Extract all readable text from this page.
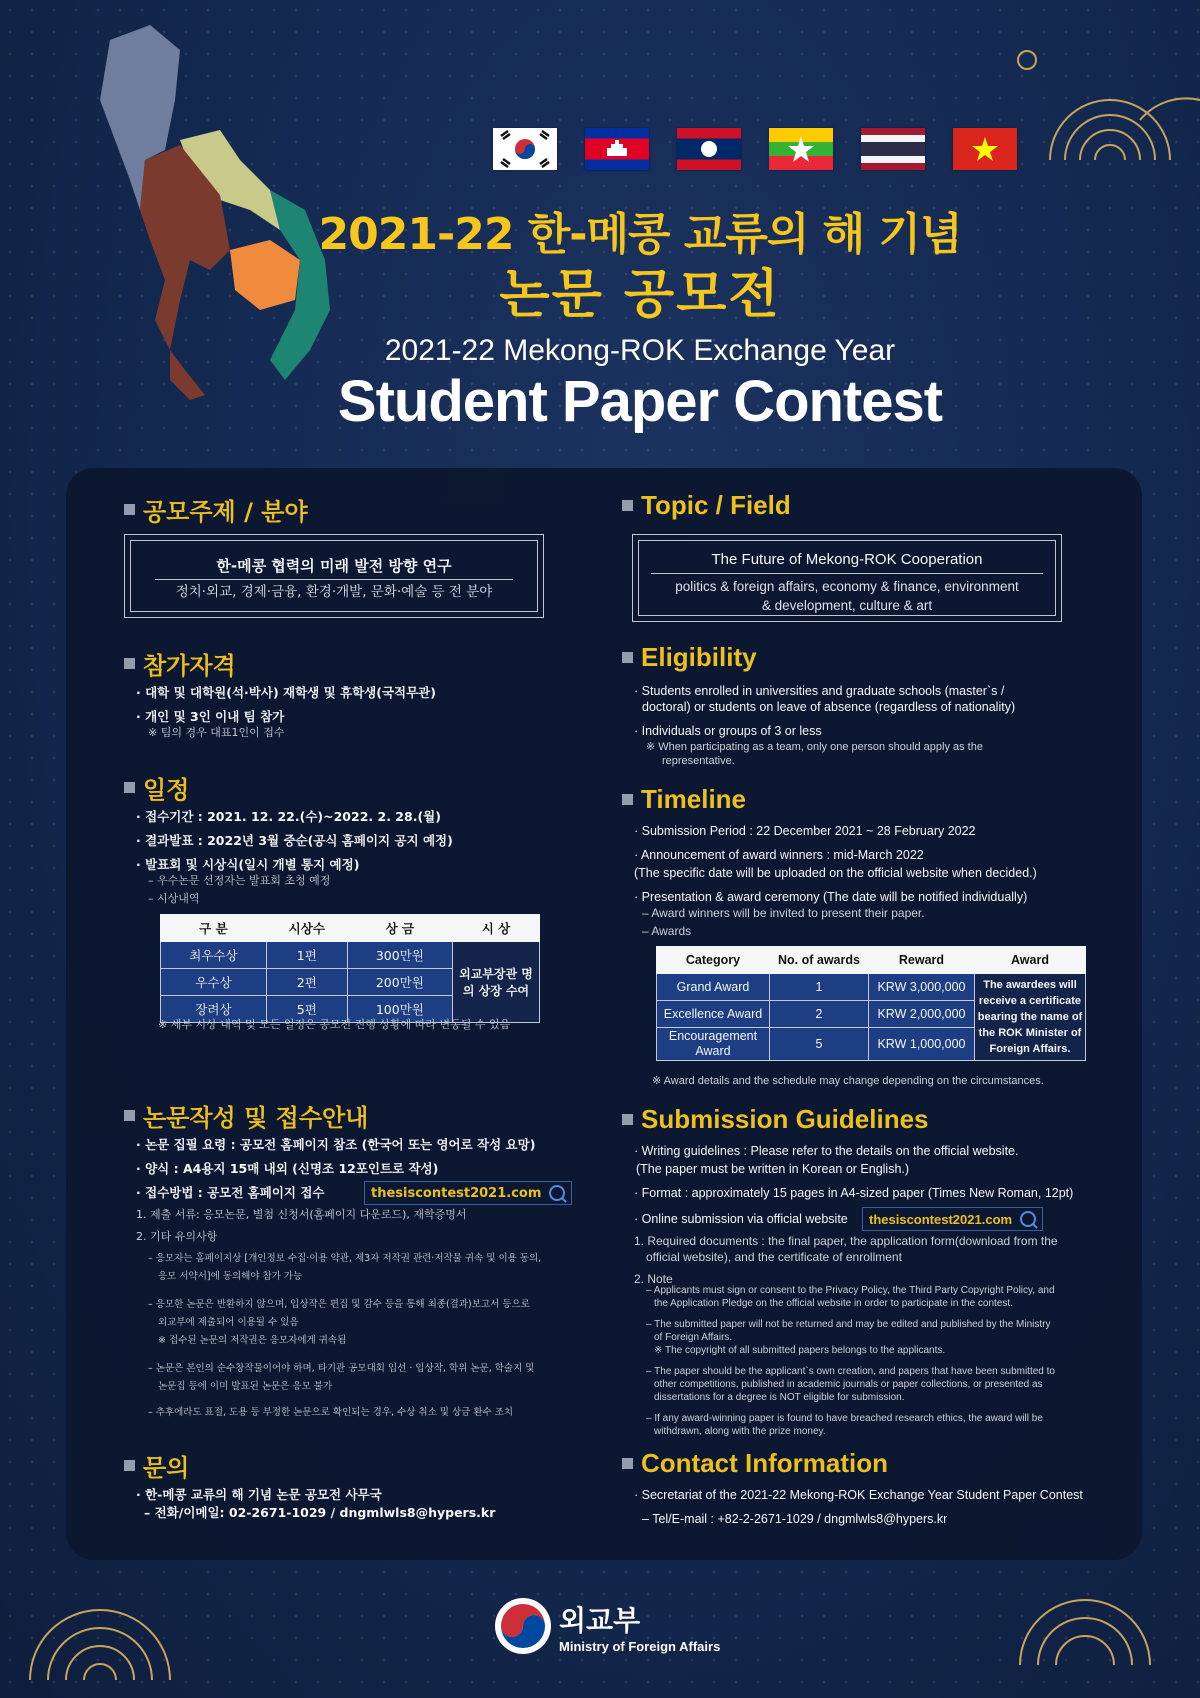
2021-22 한-메콩 교류의 해 기념
논문 공모전
2021-22 Mekong-ROK Exchange Year
Student Paper Contest
공모주제 / 분야
한-메콩 협력의 미래 발전 방향 연구
정치·외교, 경제·금융, 환경·개발, 문화·예술 등 전 분야
참가자격
· 대학 및 대학원(석·박사) 재학생 및 휴학생(국적무관)
· 개인 및 3인 이내 팀 참가
※ 팀의 경우 대표1인이 접수
일정
· 접수기간 : 2021. 12. 22.(수)~2022. 2. 28.(월)
· 결과발표 : 2022년 3월 중순(공식 홈페이지 공지 예정)
· 발표회 및 시상식(일시 개별 통지 예정)
– 우수논문 선정자는 발표회 초청 예정
– 시상내역
구 분	시상수	상 금	시 상
최우수상	1편	300만원	외교부장관 명의 상장 수여
우수상	2편	200만원	
장려상	5편	100만원	
※ 세부 시상 내역 및 모든 일정은 공모전 진행 상황에 따라 변동될 수 있음
논문작성 및 접수안내
· 논문 집필 요령 : 공모전 홈페이지 참조 (한국어 또는 영어로 작성 요망)
· 양식 : A4용지 15매 내외 (신명조 12포인트로 작성)
· 접수방법 : 공모전 홈페이지 접수	thesiscontest2021.com
1. 제출 서류: 응모논문, 별첨 신청서(홈페이지 다운로드), 재학증명서
2. 기타 유의사항
– 응모자는 홈페이지상 [개인정보 수집·이용 약관, 제3자 저작권 관련·저작물 귀속 및 이용 동의,
응모 서약서]에 동의해야 참가 가능
– 응모한 논문은 반환하지 않으며, 입상작은 편집 및 감수 등을 통해 최종(결과)보고서 등으로
외교부에 제출되어 이용될 수 있음
※ 접수된 논문의 저작권은 응모자에게 귀속됨
– 논문은 본인의 순수창작물이어야 하며, 타기관 공모대회 입선 · 입상작, 학위 논문, 학술지 및
논문집 등에 이미 발표된 논문은 응모 불가
– 추후에라도 표절, 도용 등 부정한 논문으로 확인되는 경우, 수상 취소 및 상금 환수 조치
문의
· 한-메콩 교류의 해 기념 논문 공모전 사무국
– 전화/이메일: 02-2671-1029 / dngmlwls8@hypers.kr
Topic / Field
The Future of Mekong-ROK Cooperation
politics & foreign affairs, economy & finance, environment
& development, culture & art
Eligibility
· Students enrolled in universities and graduate schools (master`s /
doctoral) or students on leave of absence (regardless of nationality)
· Individuals or groups of 3 or less
※ When participating as a team, only one person should apply as the
representative.
Timeline
· Submission Period : 22 December 2021 ~ 28 February 2022
· Announcement of award winners : mid-March 2022
(The specific date will be uploaded on the official website when decided.)
· Presentation & award ceremony (The date will be notified individually)
– Award winners will be invited to present their paper.
– Awards
Category	No. of awards	Reward	Award
Grand Award	1	KRW 3,000,000	The awardees will receive a certificate bearing the name of the ROK Minister of Foreign Affairs.
Excellence Award	2	KRW 2,000,000	
Encouragement Award	5	KRW 1,000,000	
※ Award details and the schedule may change depending on the circumstances.
Submission Guidelines
· Writing guidelines : Please refer to the details on the official website.
(The paper must be written in Korean or English.)
· Format : approximately 15 pages in A4-sized paper (Times New Roman, 12pt)
· Online submission via official website thesiscontest2021.com
1. Required documents : the final paper, the application form(download from the
official website), and the certificate of enrollment
2. Note
– Applicants must sign or consent to the Privacy Policy, the Third Party Copyright Policy, and
the Application Pledge on the official website in order to participate in the contest.
– The submitted paper will not be returned and may be edited and published by the Ministry
of Foreign Affairs.
※ The copyright of all submitted papers belongs to the applicants.
– The paper should be the applicant`s own creation, and papers that have been submitted to
other competitions, published in academic journals or paper collections, or presented as
dissertations for a degree is NOT eligible for submission.
– If any award-winning paper is found to have breached research ethics, the award will be
withdrawn, along with the prize money.
Contact Information
· Secretariat of the 2021-22 Mekong-ROK Exchange Year Student Paper Contest
– Tel/E-mail : +82-2-2671-1029 / dngmlwls8@hypers.kr
외교부
Ministry of Foreign Affairs
